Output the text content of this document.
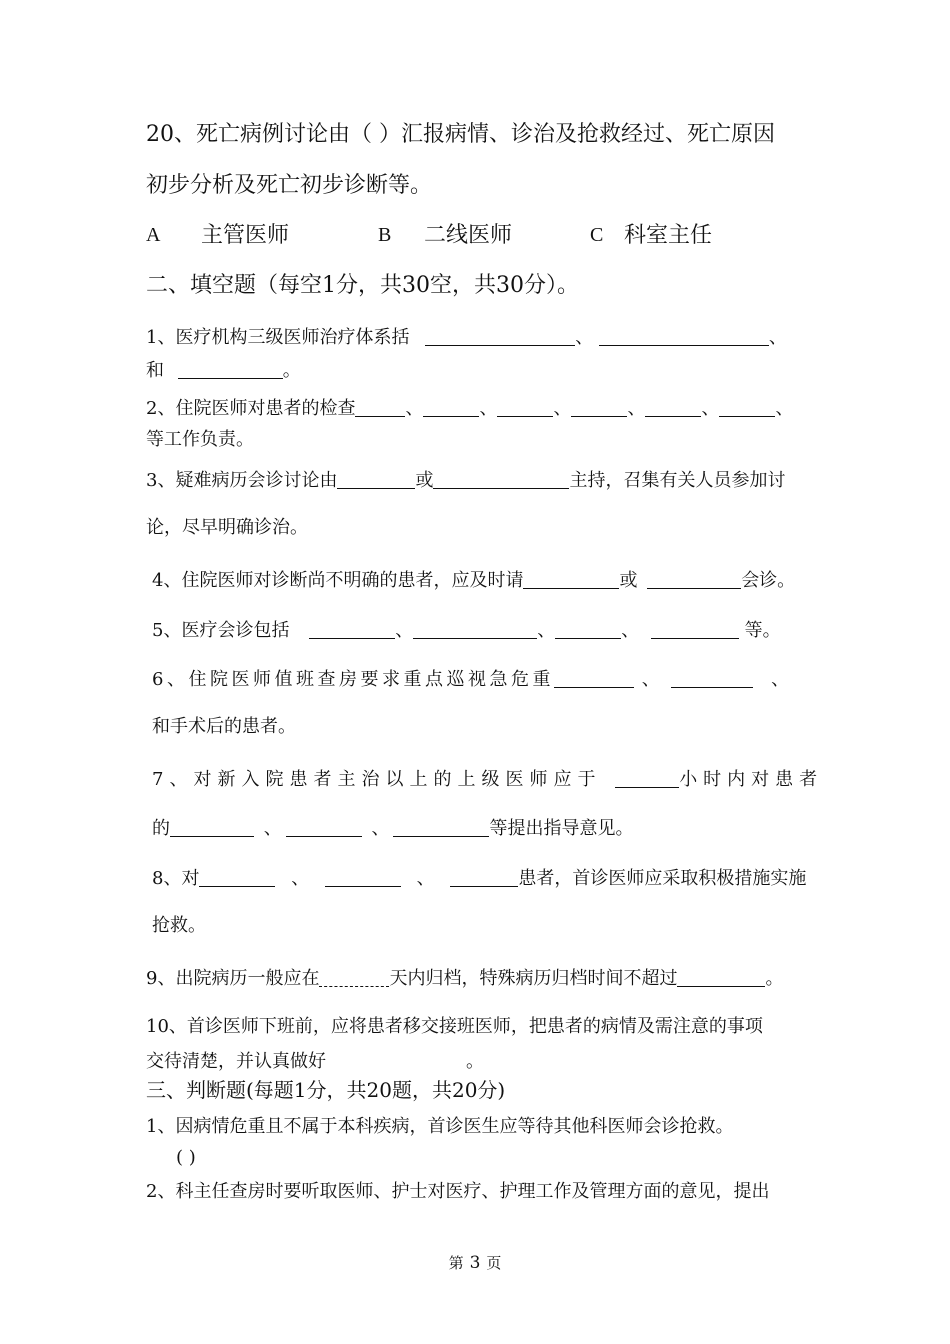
20、死亡病例讨论由（ ）汇报病情、诊治及抢救经过、死亡原因
初步分析及死亡初步诊断等。
A 主管医师	B 二线医师	C 科室主任
二、填空题（每空1分，共30空，共30分）。
1、医疗机构三级医师治疗体系括	、	、
和	。
2、住院医师对患者的检查	、	、	、	、	、	、
等工作负责。
3、疑难病历会诊讨论由	或	主持，召集有关人员参加讨
论，尽早明确诊治。
4、住院医师对诊断尚不明确的患者，应及时请	或	会诊。
5、医疗会诊包括	、	、	、	等。
6、住院医师值班查房要求重点巡视急危重	、	、
和手术后的患者。
7、对新入院患者主治以上的上级医师应于	小时内对患者
的	、	、	等提出指导意见。
8、对	、	、	患者，首诊医师应采取积极措施实施
抢救。
9、出院病历一般应在	天内归档，特殊病历归档时间不超过	。
10、首诊医师下班前，应将患者移交接班医师，把患者的病情及需注意的事项
交待清楚，并认真做好	。
三、判断题(每题1分，共20题，共20分)
1、因病情危重且不属于本科疾病，首诊医生应等待其他科医师会诊抢救。
( )
2、科主任查房时要听取医师、护士对医疗、护理工作及管理方面的意见，提出
第 3 页
